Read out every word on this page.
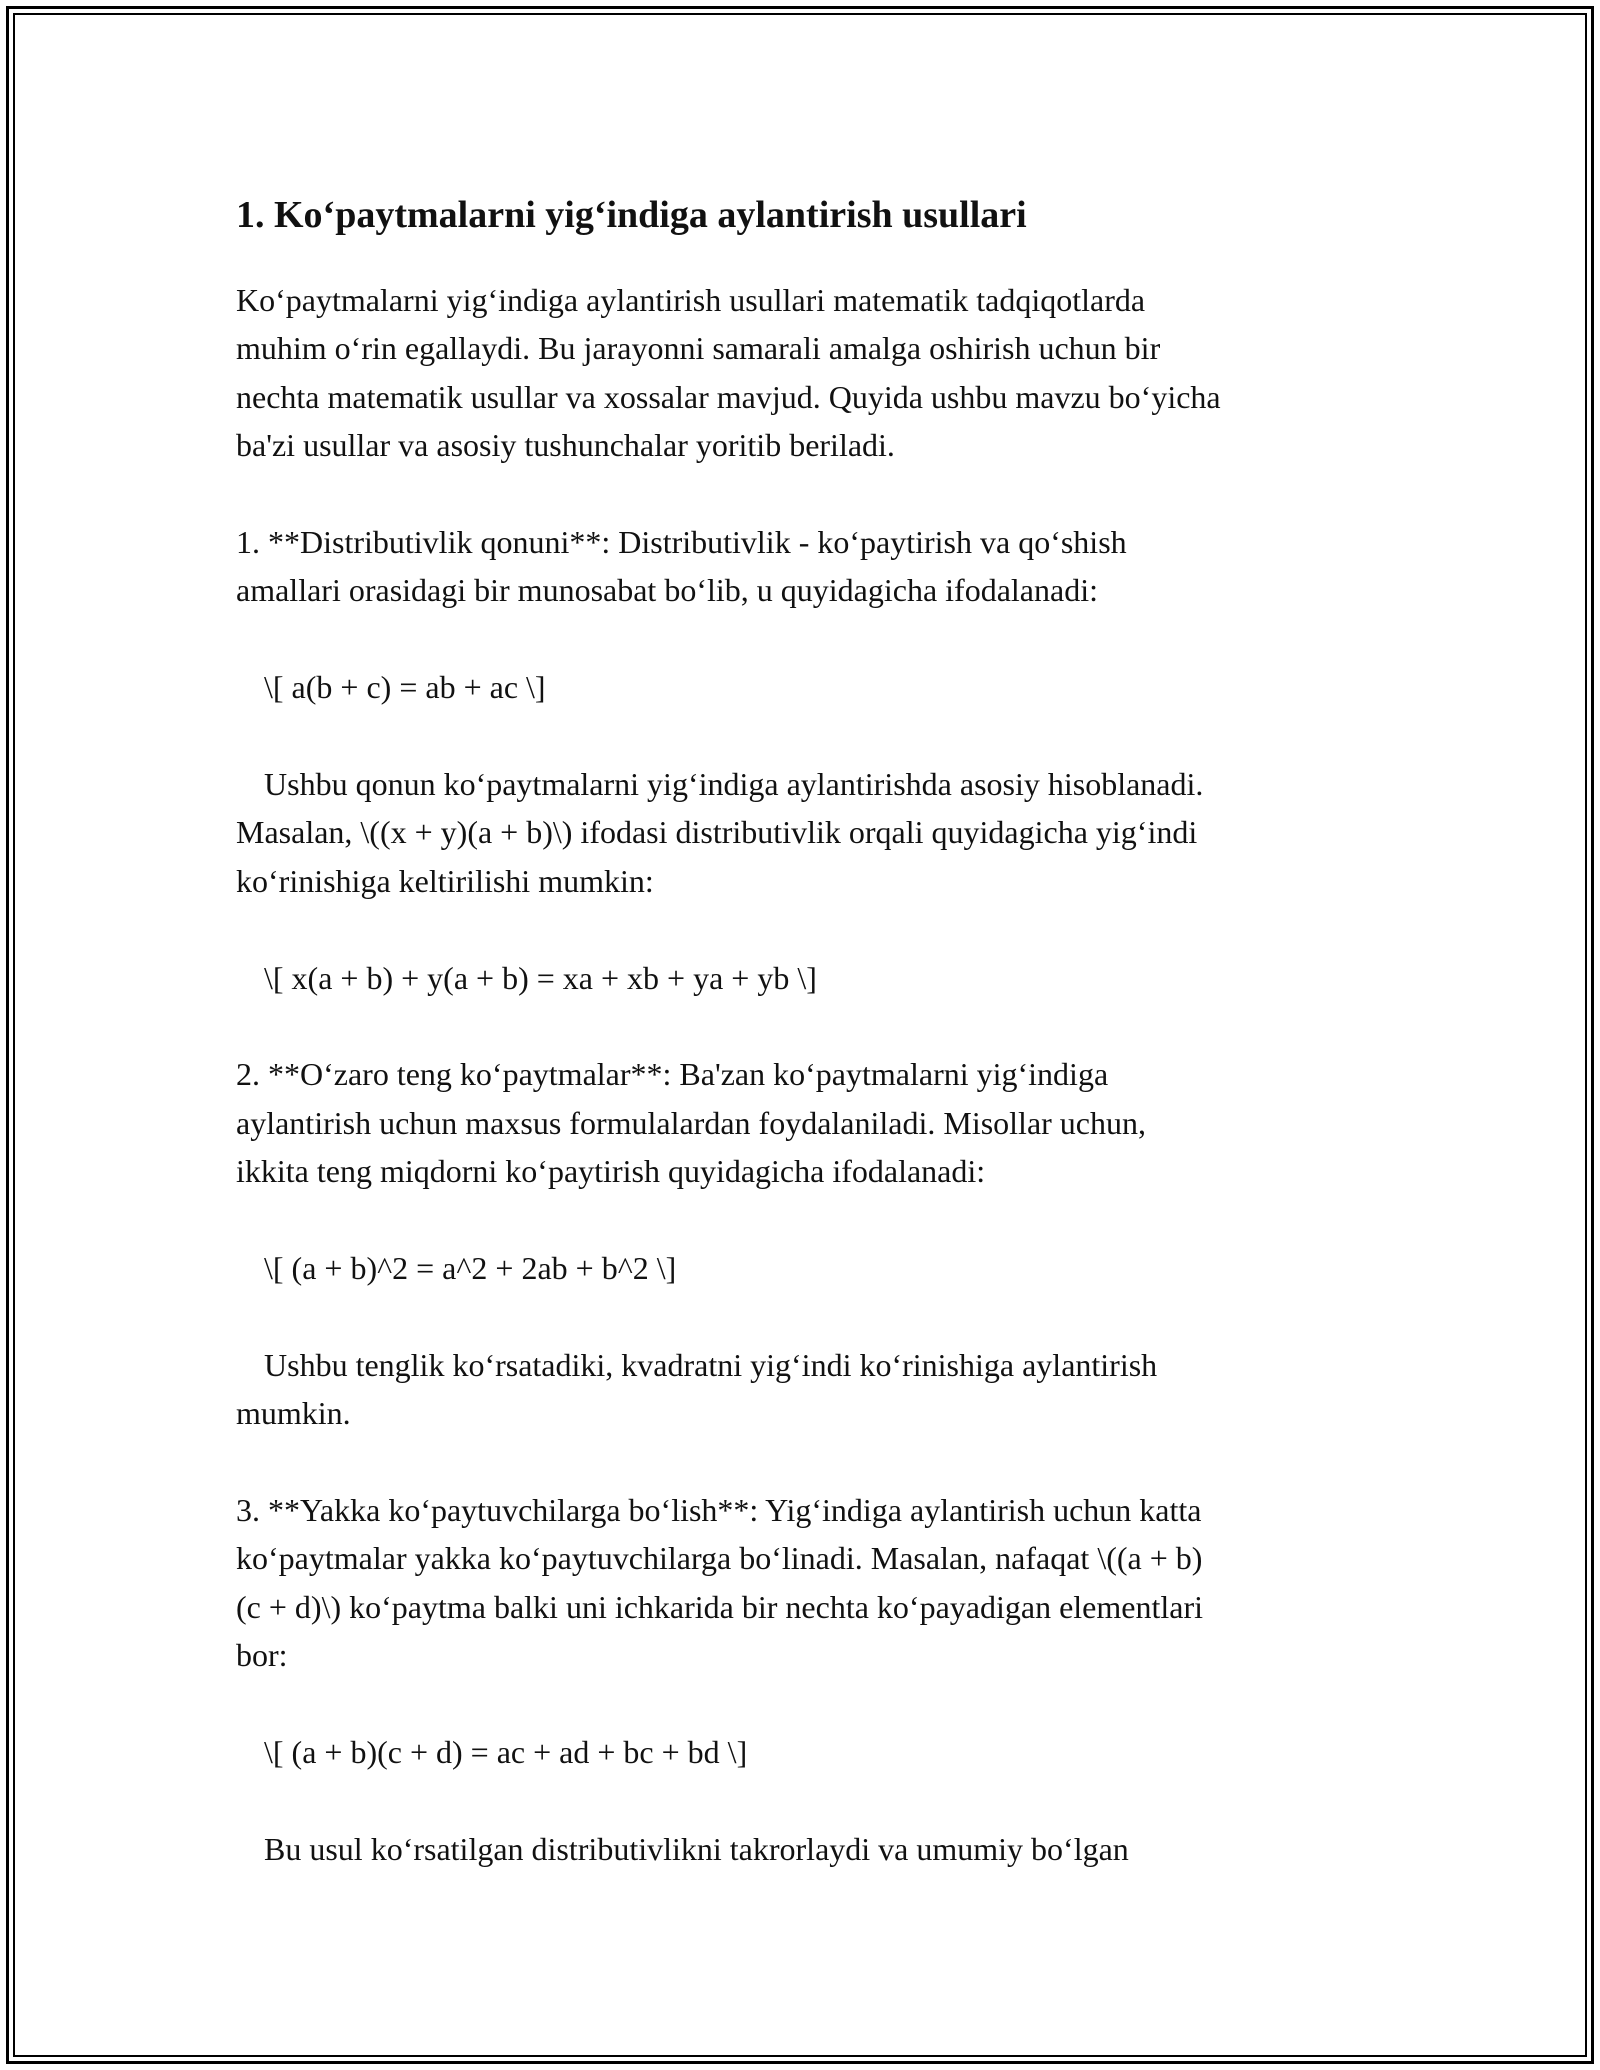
1. Ko‘paytmalarni yig‘indiga aylantirish usullari

Ko‘paytmalarni yig‘indiga aylantirish usullari matematik tadqiqotlarda
muhim o‘rin egallaydi. Bu jarayonni samarali amalga oshirish uchun bir
nechta matematik usullar va xossalar mavjud. Quyida ushbu mavzu bo‘yicha
ba'zi usullar va asosiy tushunchalar yoritib beriladi.

1. **Distributivlik qonuni**: Distributivlik - ko‘paytirish va qo‘shish
amallari orasidagi bir munosabat bo‘lib, u quyidagicha ifodalanadi:

\[ a(b + c) = ab + ac \]

Ushbu qonun ko‘paytmalarni yig‘indiga aylantirishda asosiy hisoblanadi.
Masalan, \((x + y)(a + b)\) ifodasi distributivlik orqali quyidagicha yig‘indi
ko‘rinishiga keltirilishi mumkin:

\[ x(a + b) + y(a + b) = xa + xb + ya + yb \]

2. **O‘zaro teng ko‘paytmalar**: Ba'zan ko‘paytmalarni yig‘indiga
aylantirish uchun maxsus formulalardan foydalaniladi. Misollar uchun,
ikkita teng miqdorni ko‘paytirish quyidagicha ifodalanadi:

\[ (a + b)^2 = a^2 + 2ab + b^2 \]

Ushbu tenglik ko‘rsatadiki, kvadratni yig‘indi ko‘rinishiga aylantirish
mumkin.

3. **Yakka ko‘paytuvchilarga bo‘lish**: Yig‘indiga aylantirish uchun katta
ko‘paytmalar yakka ko‘paytuvchilarga bo‘linadi. Masalan, nafaqat \((a + b)
(c + d)\) ko‘paytma balki uni ichkarida bir nechta ko‘payadigan elementlari
bor:

\[ (a + b)(c + d) = ac + ad + bc + bd \]

Bu usul ko‘rsatilgan distributivlikni takrorlaydi va umumiy bo‘lgan
